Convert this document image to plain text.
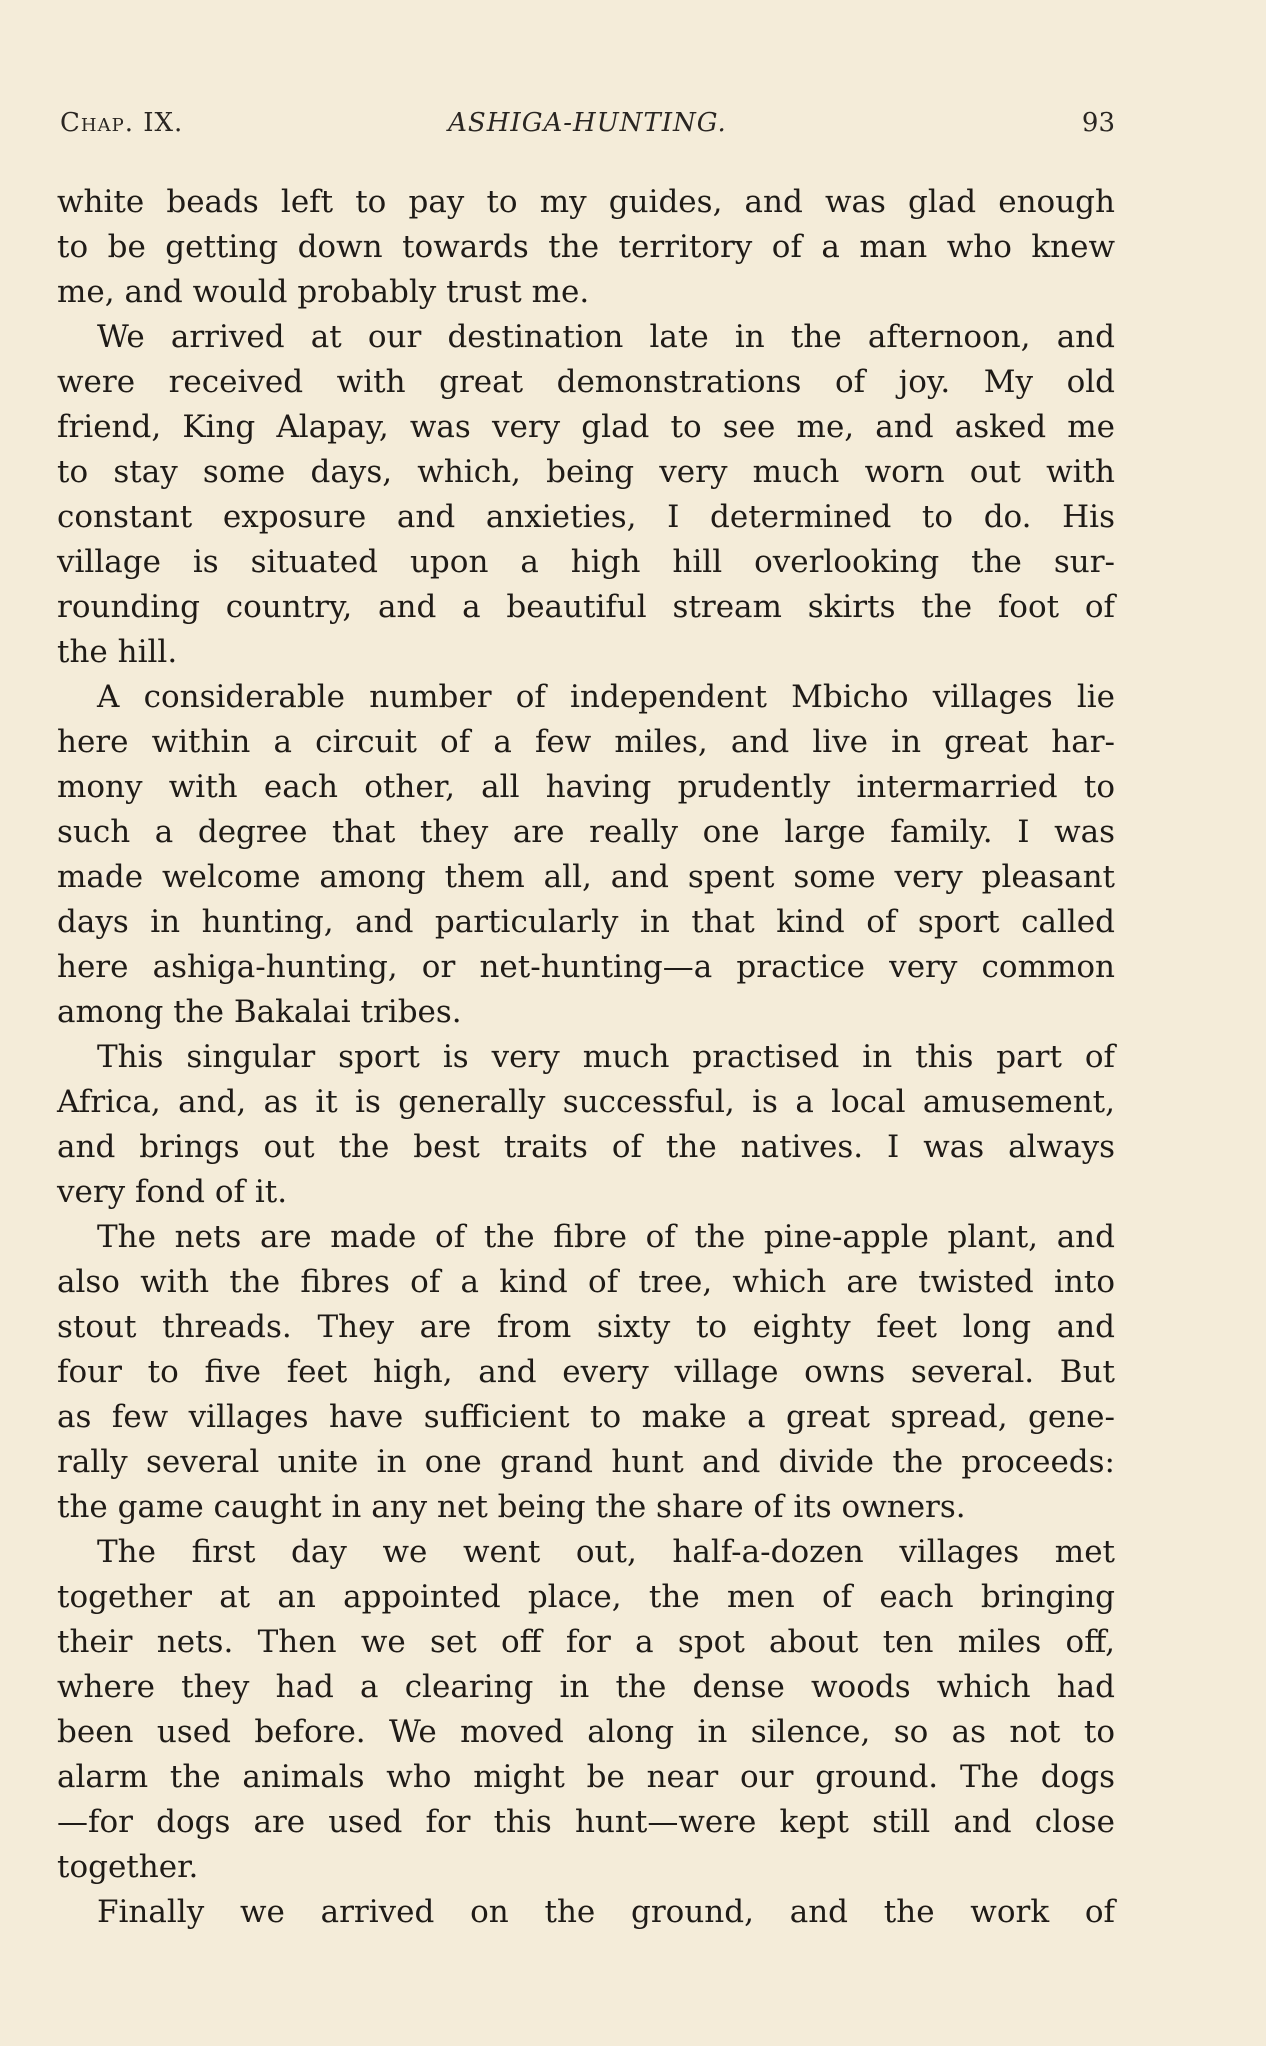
Chap. IX.	ASHIGA-HUNTING.	93
white beads left to pay to my guides, and was glad enough
to be getting down towards the territory of a man who knew
me, and would probably trust me.
We arrived at our destination late in the afternoon, and
were received with great demonstrations of joy. My old
friend, King Alapay, was very glad to see me, and asked me
to stay some days, which, being very much worn out with
constant exposure and anxieties, I determined to do. His
village is situated upon a high hill overlooking the sur-
rounding country, and a beautiful stream skirts the foot of
the hill.
A considerable number of independent Mbicho villages lie
here within a circuit of a few miles, and live in great har-
mony with each other, all having prudently intermarried to
such a degree that they are really one large family. I was
made welcome among them all, and spent some very pleasant
days in hunting, and particularly in that kind of sport called
here ashiga-hunting, or net-hunting—a practice very common
among the Bakalai tribes.
This singular sport is very much practised in this part of
Africa, and, as it is generally successful, is a local amusement,
and brings out the best traits of the natives. I was always
very fond of it.
The nets are made of the fibre of the pine-apple plant, and
also with the fibres of a kind of tree, which are twisted into
stout threads. They are from sixty to eighty feet long and
four to five feet high, and every village owns several. But
as few villages have sufficient to make a great spread, gene-
rally several unite in one grand hunt and divide the proceeds:
the game caught in any net being the share of its owners.
The first day we went out, half-a-dozen villages met
together at an appointed place, the men of each bringing
their nets. Then we set off for a spot about ten miles off,
where they had a clearing in the dense woods which had
been used before. We moved along in silence, so as not to
alarm the animals who might be near our ground. The dogs
—for dogs are used for this hunt—were kept still and close
together.
Finally we arrived on the ground, and the work of
